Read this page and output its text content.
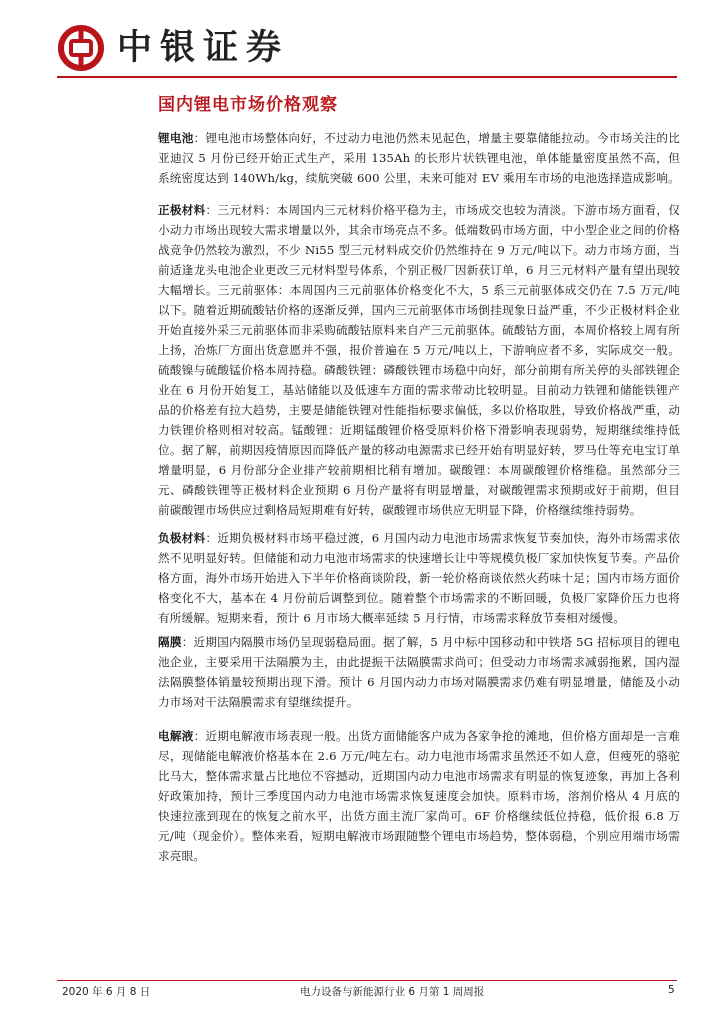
中银证券
国内锂电市场价格观察

锂电池：锂电池市场整体向好，不过动力电池仍然未见起色，增量主要靠储能拉动。今市场关注的比亚迪汉 5 月份已经开始正式生产，采用 135Ah 的长形片状铁锂电池，单体能量密度虽然不高，但系统密度达到 140Wh/kg，续航突破 600 公里，未来可能对 EV 乘用车市场的电池选择造成影响。

正极材料：三元材料：本周国内三元材料价格平稳为主，市场成交也较为清淡。下游市场方面看，仅小动力市场出现较大需求增量以外，其余市场亮点不多。低端数码市场方面，中小型企业之间的价格战竞争仍然较为激烈，不少 Ni55 型三元材料成交价仍然维持在 9 万元/吨以下。动力市场方面，当前适逢龙头电池企业更改三元材料型号体系，个别正极厂因新获订单，6 月三元材料产量有望出现较大幅增长。三元前驱体：本周国内三元前驱体价格变化不大，5 系三元前驱体成交仍在 7.5 万元/吨以下。随着近期硫酸钴价格的逐渐反弹，国内三元前驱体市场倒挂现象日益严重，不少正极材料企业开始直接外采三元前驱体而非采购硫酸钴原料来自产三元前驱体。硫酸钴方面，本周价格较上周有所上扬，冶炼厂方面出货意愿并不强，报价普遍在 5 万元/吨以上，下游响应者不多，实际成交一般。硫酸镍与硫酸锰价格本周持稳。磷酸铁锂：磷酸铁锂市场稳中向好，部分前期有所关停的头部铁锂企业在 6 月份开始复工，基站储能以及低速车方面的需求带动比较明显。目前动力铁锂和储能铁锂产品的价格差有拉大趋势，主要是储能铁锂对性能指标要求偏低，多以价格取胜，导致价格战严重，动力铁锂价格则相对较高。锰酸锂：近期锰酸锂价格受原料价格下滑影响表现弱势，短期继续维持低位。据了解，前期因疫情原因而降低产量的移动电源需求已经开始有明显好转，罗马仕等充电宝订单增量明显，6 月份部分企业排产较前期相比稍有增加。碳酸锂：本周碳酸锂价格维稳。虽然部分三元、磷酸铁锂等正极材料企业预期 6 月份产量将有明显增量，对碳酸锂需求预期或好于前期，但目前碳酸锂市场供应过剩格局短期难有好转，碳酸锂市场供应无明显下降，价格继续维持弱势。

负极材料：近期负极材料市场平稳过渡，6 月国内动力电池市场需求恢复节奏加快，海外市场需求依然不见明显好转。但储能和动力电池市场需求的快速增长让中等规模负极厂家加快恢复节奏。产品价格方面，海外市场开始进入下半年价格商谈阶段，新一轮价格商谈依然火药味十足；国内市场方面价格变化不大，基本在 4 月份前后调整到位。随着整个市场需求的不断回暖，负极厂家降价压力也将有所缓解。短期来看，预计 6 月市场大概率延续 5 月行情，市场需求释放节奏相对缓慢。

隔膜：近期国内隔膜市场仍呈现弱稳局面。据了解，5 月中标中国移动和中铁塔 5G 招标项目的锂电池企业，主要采用干法隔膜为主，由此提振干法隔膜需求尚可；但受动力市场需求减弱拖累，国内湿法隔膜整体销量较预期出现下滑。预计 6 月国内动力市场对隔膜需求仍难有明显增量，储能及小动力市场对干法隔膜需求有望继续提升。

电解液：近期电解液市场表现一般。出货方面储能客户成为各家争抢的滩地，但价格方面却是一言难尽，现储能电解液价格基本在 2.6 万元/吨左右。动力电池市场需求虽然还不如人意，但瘦死的骆驼比马大，整体需求量占比地位不容撼动，近期国内动力电池市场需求有明显的恢复迹象，再加上各利好政策加持，预计三季度国内动力电池市场需求恢复速度会加快。原料市场，溶剂价格从 4 月底的快速拉涨到现在的恢复之前水平，出货方面主流厂家尚可。6F 价格继续低位持稳，低价报 6.8 万元/吨（现金价）。整体来看，短期电解液市场跟随整个锂电市场趋势，整体弱稳，个别应用端市场需求亮眼。

2020 年 6 月 8 日	电力设备与新能源行业 6 月第 1 周周报	5
